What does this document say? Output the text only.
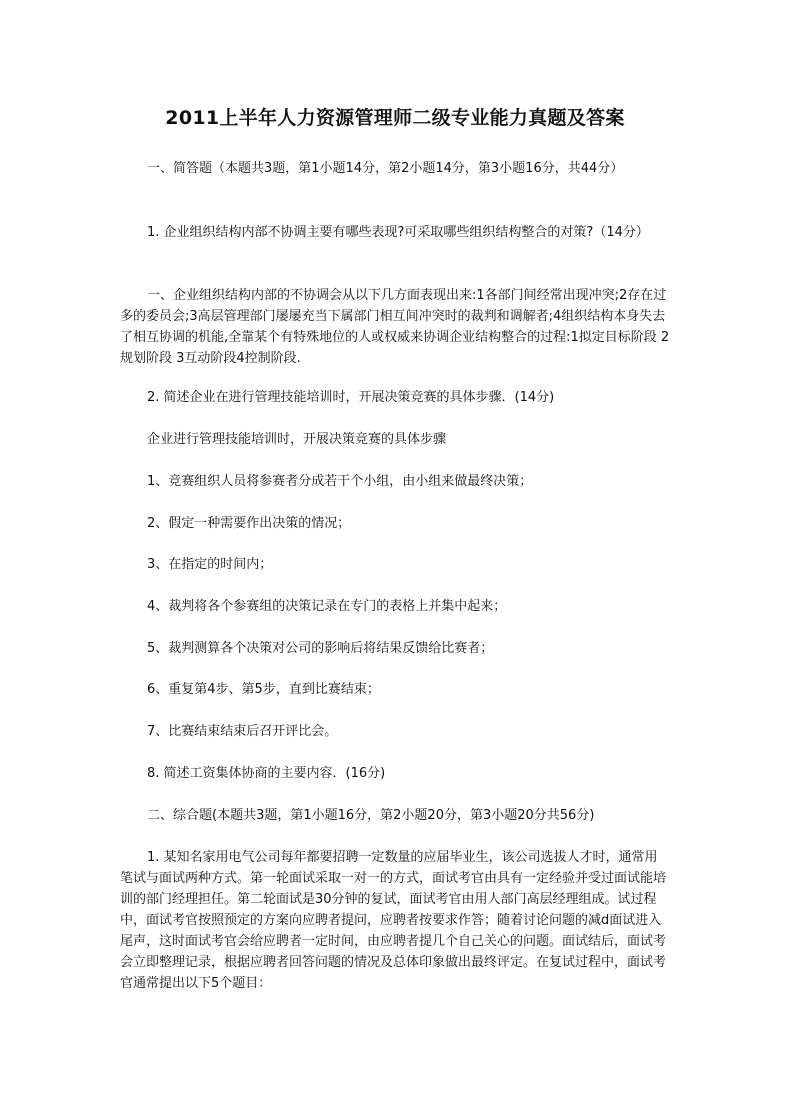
2011上半年人力资源管理师二级专业能力真题及答案

一、简答题（本题共3题，第1小题14分，第2小题14分，第3小题16分，共44分）

1. 企业组织结构内部不协调主要有哪些表现?可采取哪些组织结构整合的对策?（14分）

一、企业组织结构内部的不协调会从以下几方面表现出来:1各部门间经常出现冲突;2存在过多的委员会;3高层管理部门屡屡充当下属部门相互间冲突时的裁判和调解者;4组织结构本身失去了相互协调的机能,全靠某个有特殊地位的人或权威来协调企业结构整合的过程:1拟定目标阶段 2规划阶段 3互动阶段4控制阶段.

2. 简述企业在进行管理技能培训时，开展决策竞赛的具体步骤．(14分)

企业进行管理技能培训时，开展决策竞赛的具体步骤

1、竞赛组织人员将参赛者分成若干个小组，由小组来做最终决策；

2、假定一种需要作出决策的情况；

3、在指定的时间内；

4、裁判将各个参赛组的决策记录在专门的表格上并集中起来；

5、裁判测算各个决策对公司的影响后将结果反馈给比赛者；

6、重复第4步、第5步，直到比赛结束；

7、比赛结束结束后召开评比会。

8. 简述工资集体协商的主要内容．(16分)

二、综合题(本题共3题，第1小题16分，第2小题20分，第3小题20分共56分)

1. 某知名家用电气公司每年都要招聘一定数量的应届毕业生，该公司选拔人才时，通常用笔试与面试两种方式。第一轮面试采取一对一的方式，面试考官由具有一定经验并受过面试能培训的部门经理担任。第二轮面试是30分钟的复试，面试考官由用人部门高层经理组成。试过程中，面试考官按照预定的方案向应聘者提问，应聘者按要求作答；随着讨论问题的减d面试进入尾声，这时面试考官会给应聘者一定时间，由应聘者提几个自己关心的问题。面试结后，面试考会立即整理记录，根据应聘者回答问题的情况及总体印象做出最终评定。在复试过程中，面试考官通常提出以下5个题目：
